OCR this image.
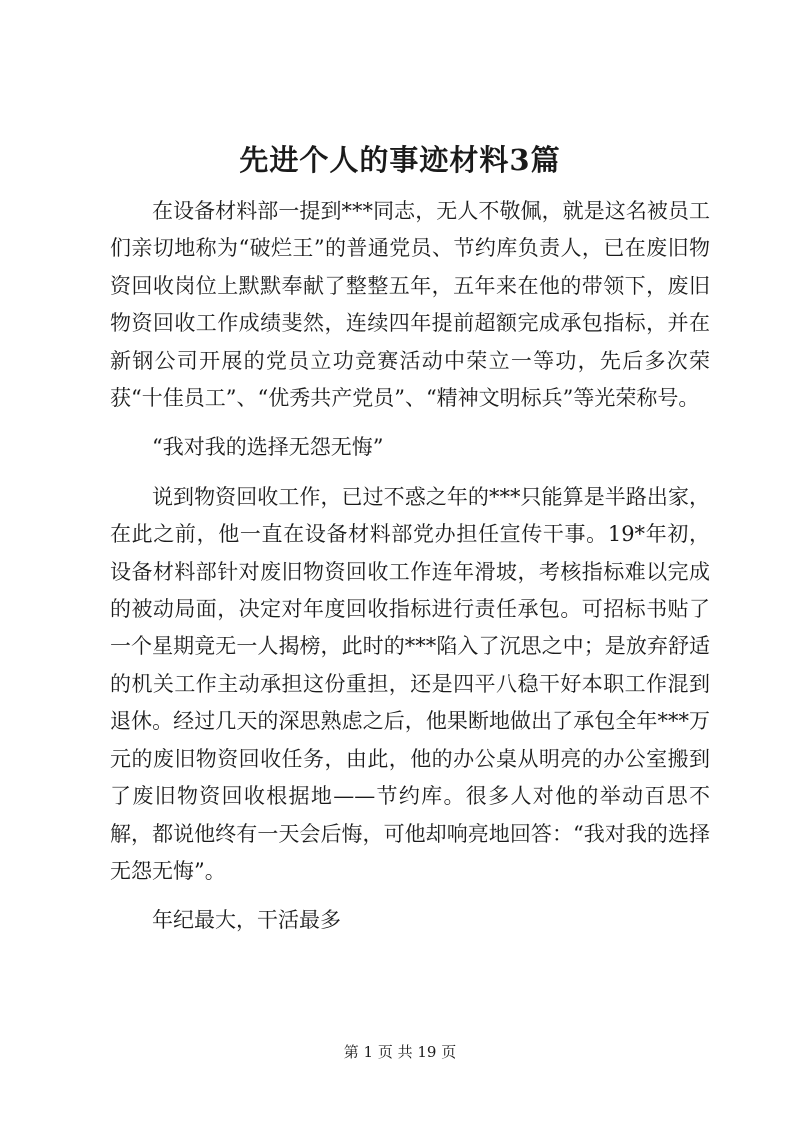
先进个人的事迹材料3篇

在设备材料部一提到***同志，无人不敬佩，就是这名被员工们亲切地称为“破烂王”的普通党员、节约库负责人，已在废旧物资回收岗位上默默奉献了整整五年，五年来在他的带领下，废旧物资回收工作成绩斐然，连续四年提前超额完成承包指标，并在新钢公司开展的党员立功竞赛活动中荣立一等功，先后多次荣获“十佳员工”、“优秀共产党员”、“精神文明标兵”等光荣称号。

“我对我的选择无怨无悔”

说到物资回收工作，已过不惑之年的***只能算是半路出家，在此之前，他一直在设备材料部党办担任宣传干事。19*年初，设备材料部针对废旧物资回收工作连年滑坡，考核指标难以完成的被动局面，决定对年度回收指标进行责任承包。可招标书贴了一个星期竟无一人揭榜，此时的***陷入了沉思之中；是放弃舒适的机关工作主动承担这份重担，还是四平八稳干好本职工作混到退休。经过几天的深思熟虑之后，他果断地做出了承包全年***万元的废旧物资回收任务，由此，他的办公桌从明亮的办公室搬到了废旧物资回收根据地——节约库。很多人对他的举动百思不解，都说他终有一天会后悔，可他却响亮地回答：“我对我的选择无怨无悔”。

年纪最大，干活最多

第 1 页 共 19 页
